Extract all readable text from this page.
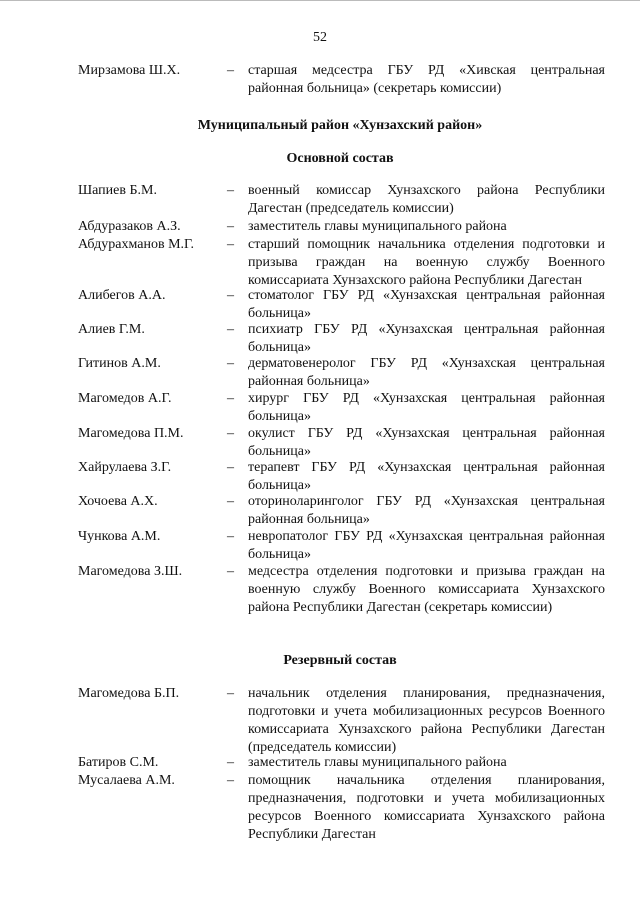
52
Мирзамова Ш.Х.	–	старшая медсестра ГБУ РД «Хивская центральная районная больница» (секретарь комиссии)
Муниципальный район «Хунзахский район»
Основной состав
Шапиев Б.М.	–	военный комиссар Хунзахского района Республики Дагестан (председатель комиссии)
Абдуразаков А.З.	–	заместитель главы муниципального района
Абдурахманов М.Г.	–	старший помощник начальника отделения подготовки и призыва граждан на военную службу Военного комиссариата Хунзахского района Республики Дагестан
Алибегов А.А.	–	стоматолог ГБУ РД «Хунзахская центральная районная больница»
Алиев Г.М.	–	психиатр ГБУ РД «Хунзахская центральная районная больница»
Гитинов А.М.	–	дерматовенеролог ГБУ РД «Хунзахская центральная районная больница»
Магомедов А.Г.	–	хирург ГБУ РД «Хунзахская центральная районная больница»
Магомедова П.М.	–	окулист ГБУ РД «Хунзахская центральная районная больница»
Хайрулаева З.Г.	–	терапевт ГБУ РД «Хунзахская центральная районная больница»
Хочоева А.Х.	–	оториноларинголог ГБУ РД «Хунзахская центральная районная больница»
Чункова А.М.	–	невропатолог ГБУ РД «Хунзахская центральная районная больница»
Магомедова З.Ш.	–	медсестра отделения подготовки и призыва граждан на военную службу Военного комиссариата Хунзахского района Республики Дагестан (секретарь комиссии)
Резервный состав
Магомедова Б.П.	–	начальник отделения планирования, предназначения, подготовки и учета мобилизационных ресурсов Военного комиссариата Хунзахского района Республики Дагестан (председатель комиссии)
Батиров С.М.	–	заместитель главы муниципального района
Мусалаева А.М.	–	помощник начальника отделения планирования, предназначения, подготовки и учета мобилизационных ресурсов Военного комиссариата Хунзахского района Республики Дагестан
